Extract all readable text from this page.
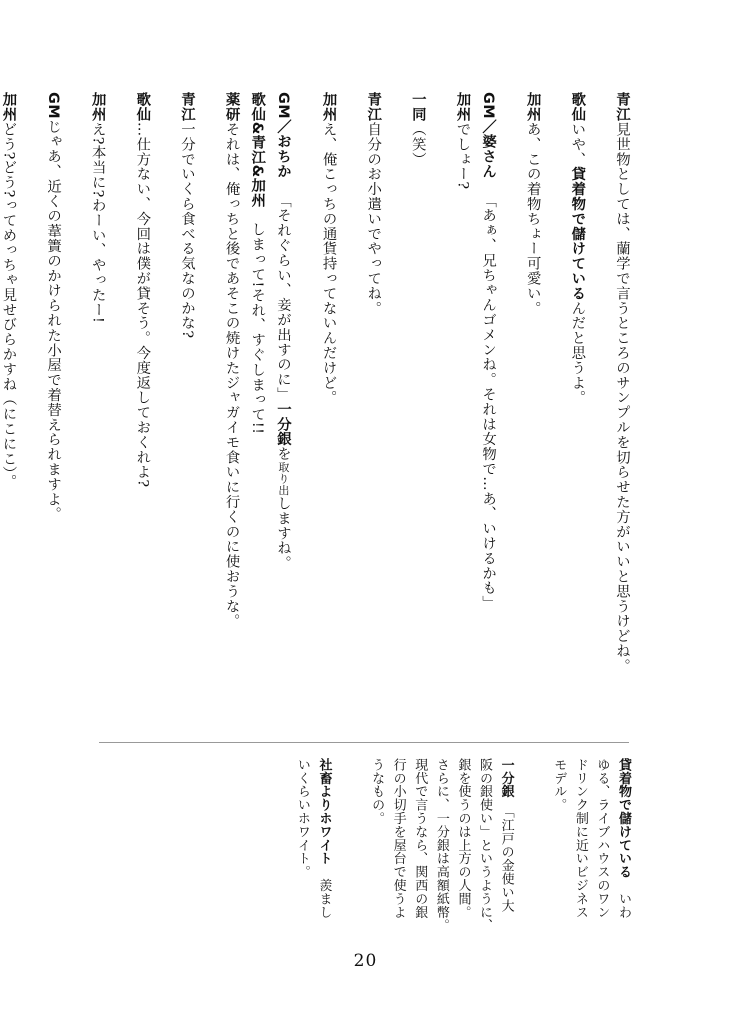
青江見世物としては、蘭学で言うところのサンプルを切らせた方がいいと思うけどね。
歌仙いや、貸着物で儲けているんだと思うよ。
加州あ、この着物ちょー可愛い。
GM／婆さん「あぁ、兄ちゃんゴメンね。それは女物で…あ、いけるかも」
加州でしょー?
一同（笑）
青江自分のお小遣いでやってね。
加州え、俺こっちの通貨持ってないんだけど。
GM／おちか「それぐらい、妾が出すのに」一分銀を取り出しますね。
歌仙&青江&加州しまって!それ、すぐしまって!!
薬研それは、俺っちと後であそこの焼けたジャガイモ食いに行くのに使おうな。
青江一分でいくら食べる気なのかな?
歌仙…仕方ない、今回は僕が貸そう。今度返しておくれよ?
加州え?本当に?わーい、やったー!
GMじゃあ、近くの葦簀のかけられた小屋で着替えられますよ。
加州どう?どう?ってめっちゃ見せびらかすね（にこにこ）。
貸着物で儲けている　いわ
ゆる、ライブハウスのワン
ドリンク制に近いビジネス
モデル。
一分銀　「江戸の金使い大
阪の銀使い」というように、
銀を使うのは上方の人間。
さらに、一分銀は高額紙幣。
現代で言うなら、関西の銀
行の小切手を屋台で使うよ
うなもの。
社畜よりホワイト　羨まし
いくらいホワイト。
20
